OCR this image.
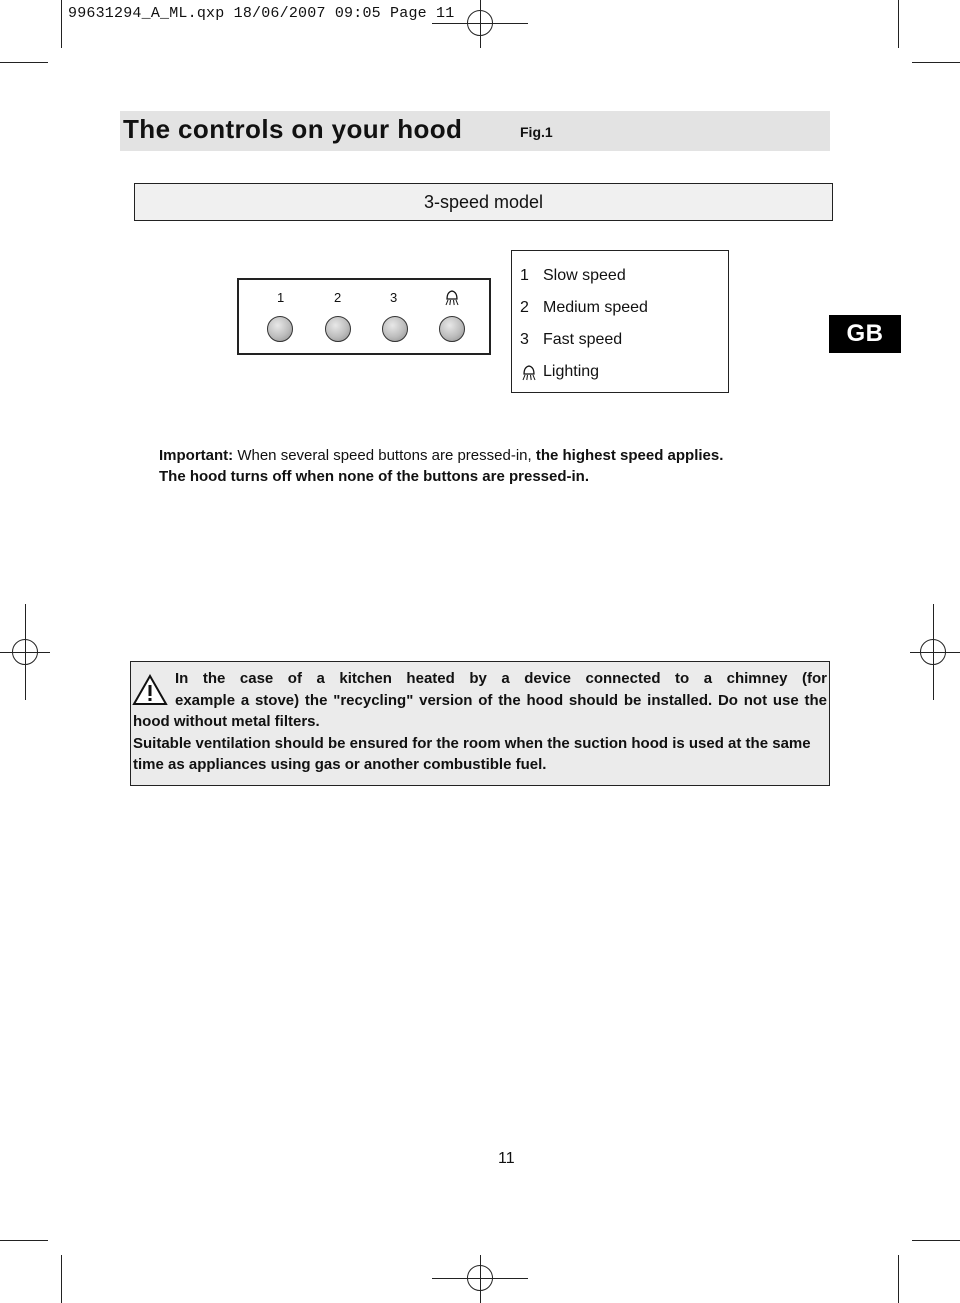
99631294_A_ML.qxp 18/06/2007 09:05 Page 11
The controls on your hood	Fig.1
3-speed model
1	2	3
1 Slow speed
2 Medium speed
3 Fast speed
Lighting
GB
Important: When several speed buttons are pressed-in, the highest speed applies.
The hood turns off when none of the buttons are pressed-in.
In the case of a kitchen heated by a device connected to a chimney (for
example a stove) the "recycling" version of the hood should be installed. Do not use the
hood without metal filters.
Suitable ventilation should be ensured for the room when the suction hood is used at the same
time as appliances using gas or another combustible fuel.
11
